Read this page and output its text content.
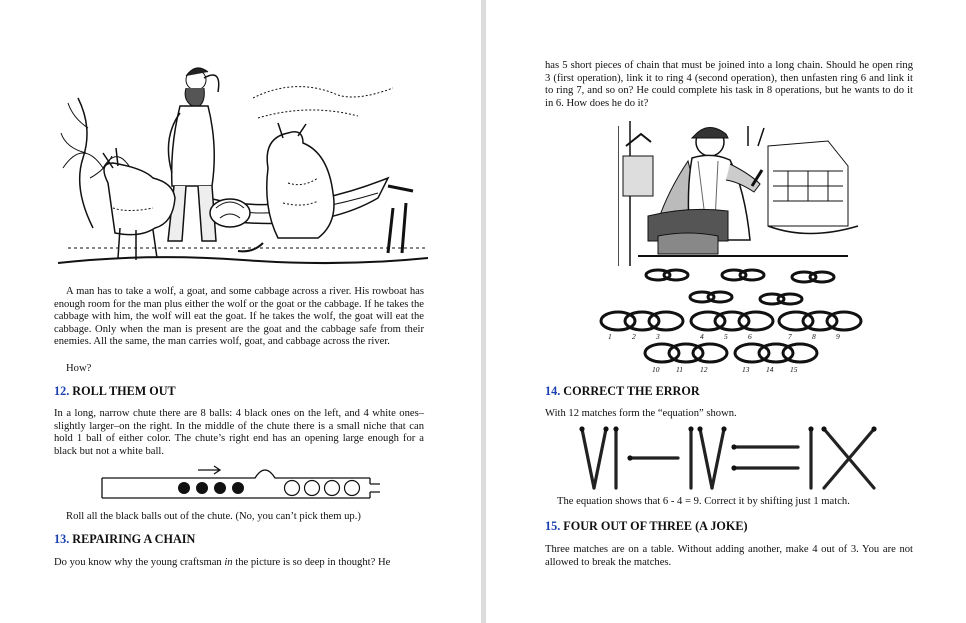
A man has to take a wolf, a goat, and some cabbage across a river. His rowboat has enough room for the man plus either the wolf or the goat or the cabbage. If he takes the cabbage with him, the wolf will eat the goat. If he takes the wolf, the goat will eat the cabbage. Only when the man is present are the goat and the cabbage safe from their enemies. All the same, the man carries wolf, goat, and cabbage across the river.

How?

12. ROLL THEM OUT

In a long, narrow chute there are 8 balls: 4 black ones on the left, and 4 white ones–slightly larger–on the right. In the middle of the chute there is a small niche that can hold 1 ball of either color. The chute’s right end has an opening large enough for a black but not a white ball.

Roll all the black balls out of the chute. (No, you can’t pick them up.)

13. REPAIRING A CHAIN

Do you know why the young craftsman in the picture is so deep in thought? He

has 5 short pieces of chain that must be joined into a long chain. Should he open ring 3 (first operation), link it to ring 4 (second operation), then unfasten ring 6 and link it to ring 7, and so on? He could complete his task in 8 operations, but he wants to do it in 6. How does he do it?

1	2	3	4	5	6	7	8	9
10 11 12	13 14 15

14. CORRECT THE ERROR

With 12 matches form the “equation” shown.

The equation shows that 6 - 4 = 9. Correct it by shifting just 1 match.

15. FOUR OUT OF THREE (A JOKE)

Three matches are on a table. Without adding another, make 4 out of 3. You are not allowed to break the matches.
